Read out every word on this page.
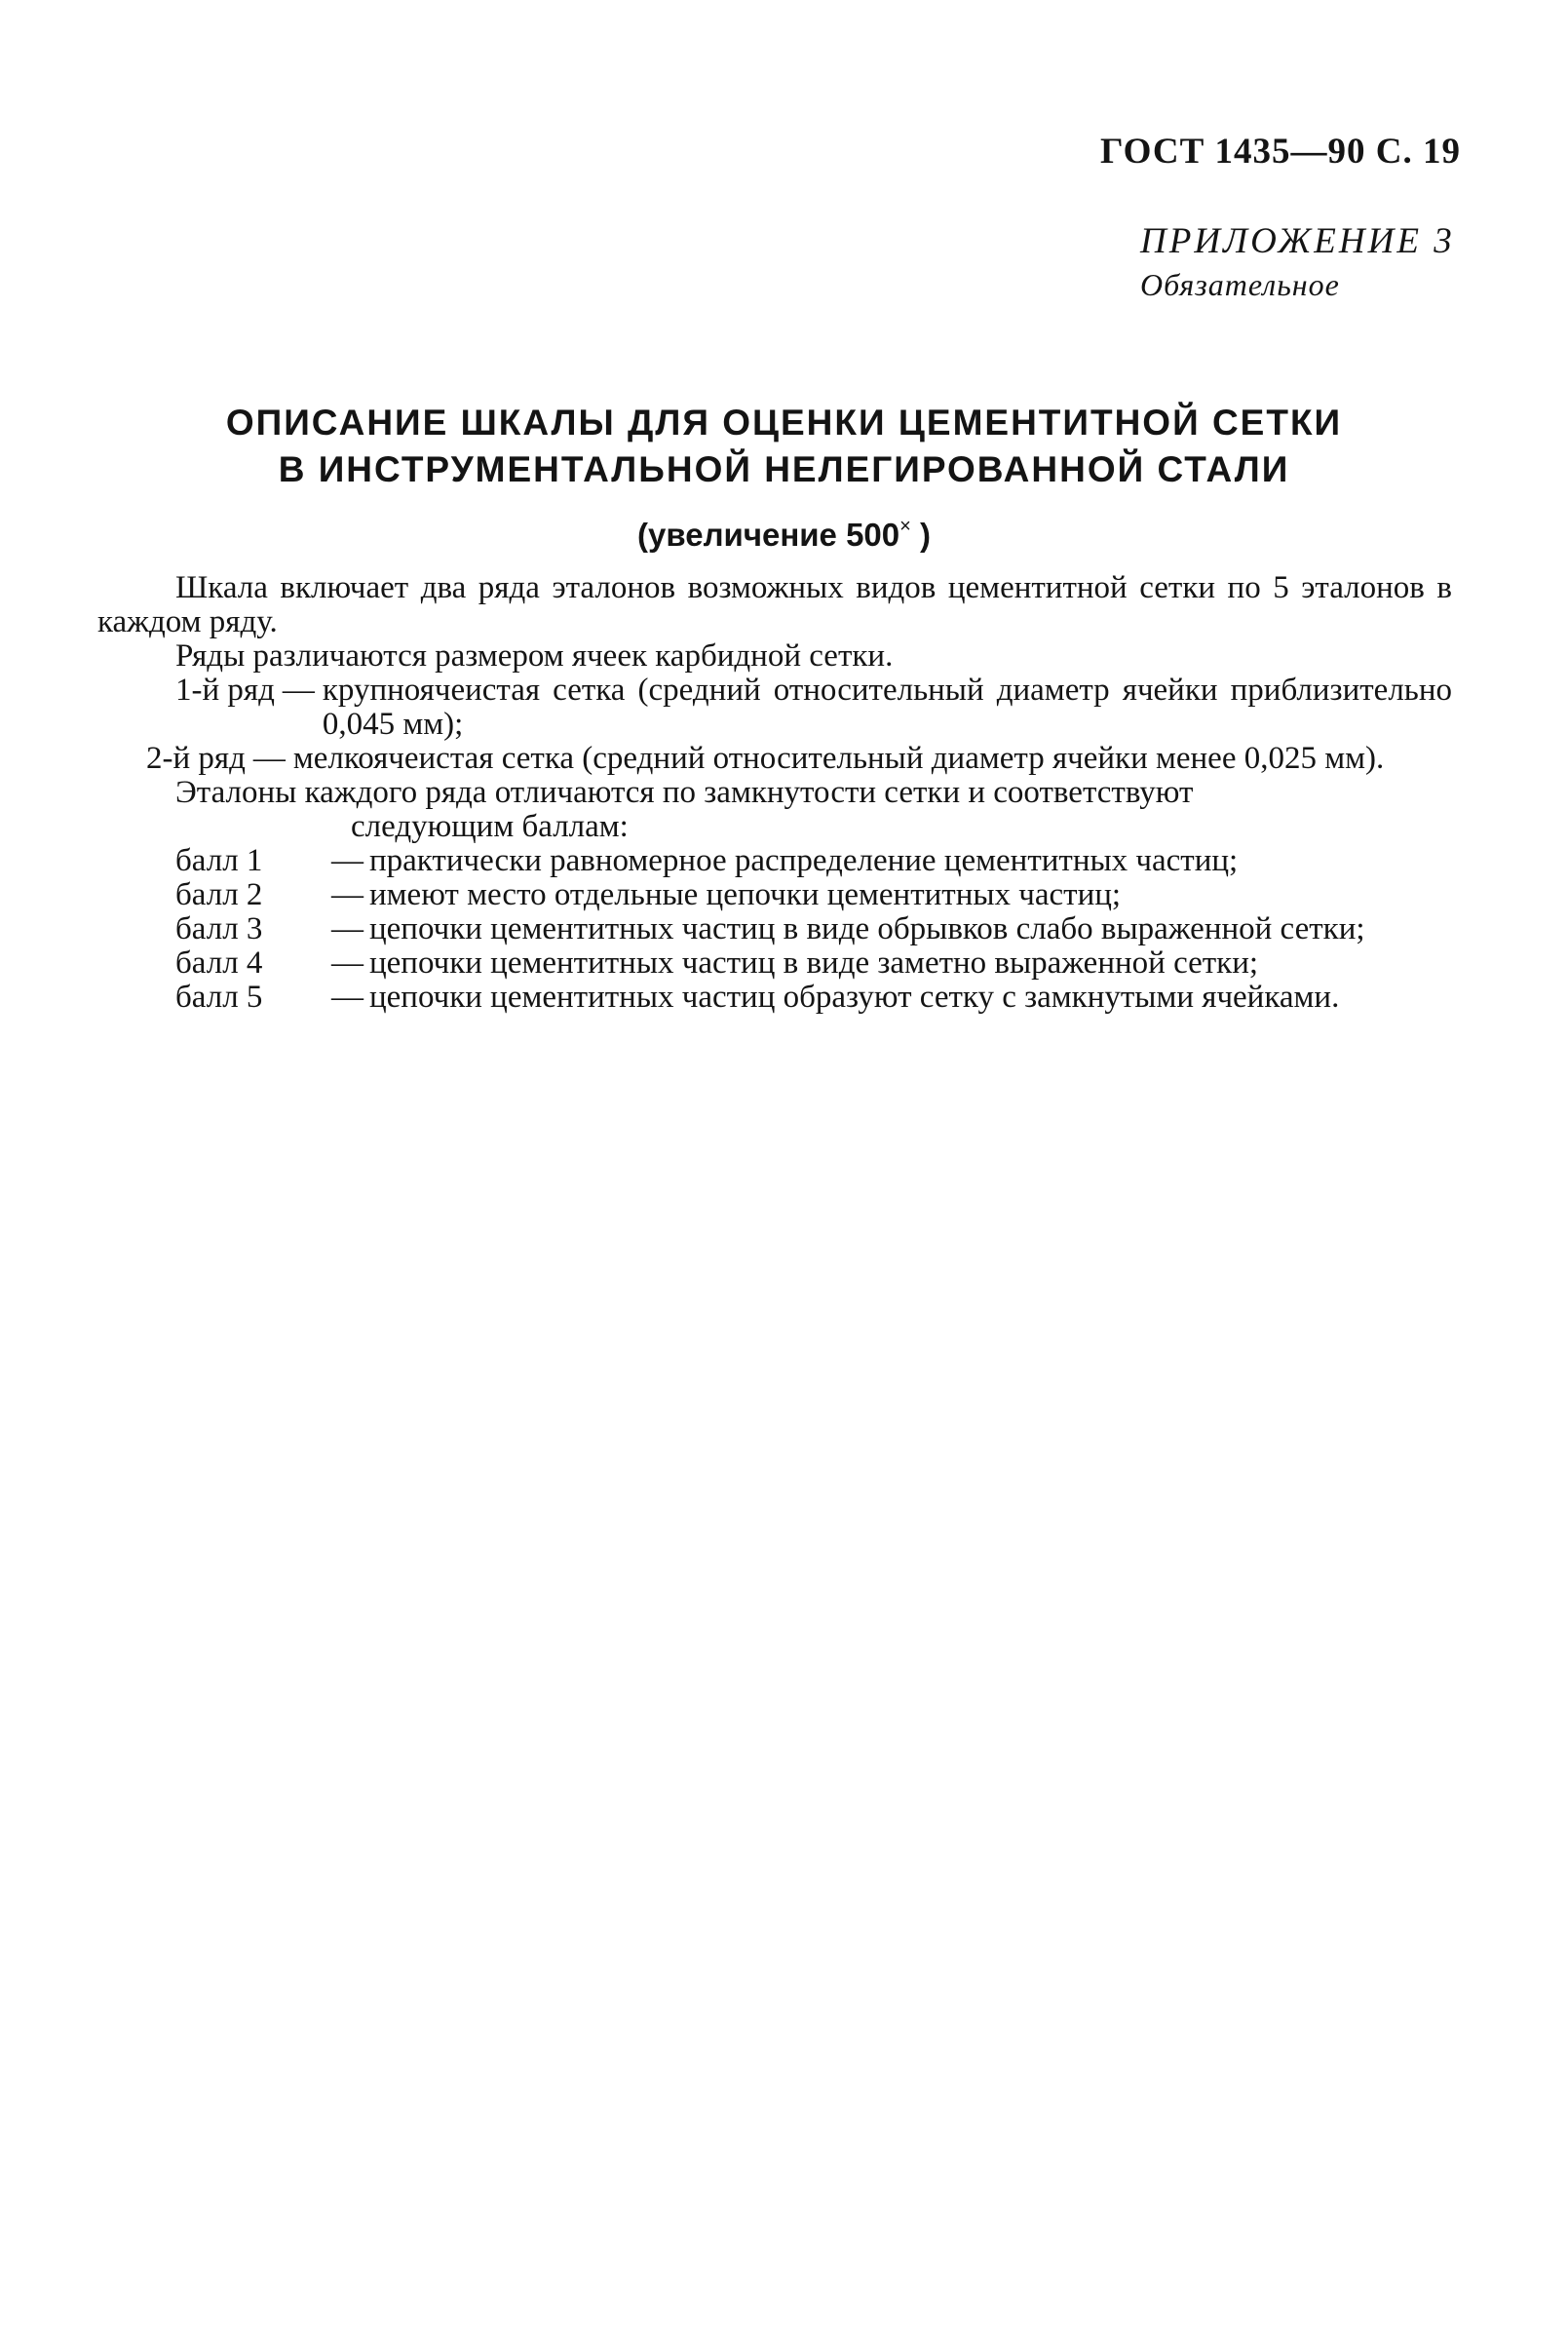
ГОСТ 1435—90 С. 19
ПРИЛОЖЕНИЕ 3
Обязательное
ОПИСАНИЕ ШКАЛЫ ДЛЯ ОЦЕНКИ ЦЕМЕНТИТНОЙ СЕТКИ
В ИНСТРУМЕНТАЛЬНОЙ НЕЛЕГИРОВАННОЙ СТАЛИ
(увеличение 500× )

Шкала включает два ряда эталонов возможных видов цементитной сетки по 5 эталонов в каждом ряду.

Ряды различаются размером ячеек карбидной сетки.

1-й ряд — крупноячеистая сетка (средний относительный диаметр ячейки приблизительно 0,045 мм);
2-й ряд — мелкоячеистая сетка (средний относительный диаметр ячейки менее 0,025 мм).
Эталоны каждого ряда отличаются по замкнутости сетки и соответствуют
следующим баллам:
балл 1	— практически равномерное распределение цементитных частиц;
балл 2	— имеют место отдельные цепочки цементитных частиц;
балл 3	— цепочки цементитных частиц в виде обрывков слабо выраженной сетки;
балл 4	— цепочки цементитных частиц в виде заметно выраженной сетки;
балл 5	— цепочки цементитных частиц образуют сетку с замкнутыми ячейками.
